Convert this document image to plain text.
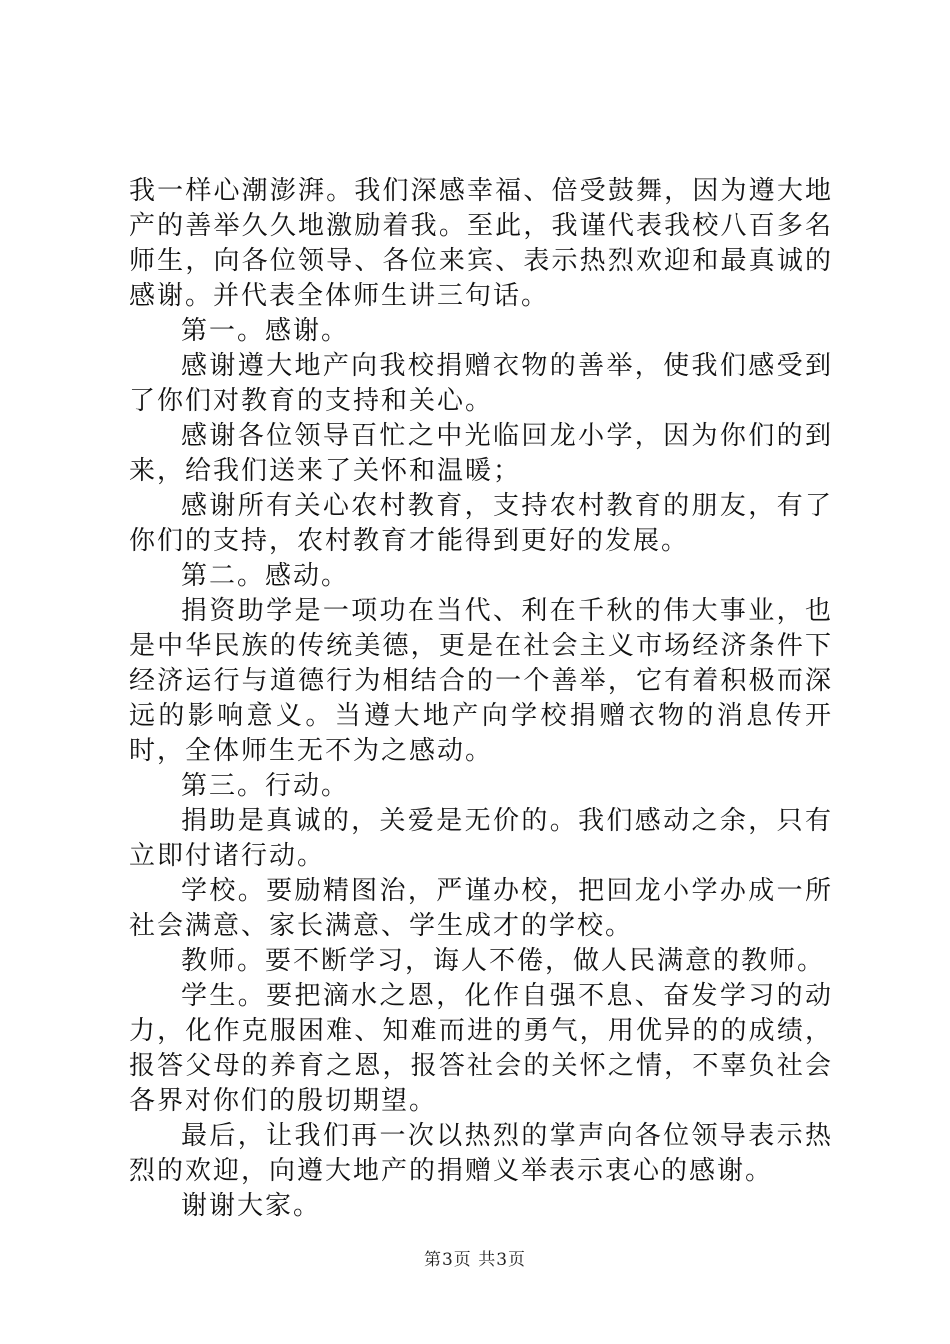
我一样心潮澎湃。我们深感幸福、倍受鼓舞，因为遵大地产的善举久久地激励着我。至此，我谨代表我校八百多名师生，向各位领导、各位来宾、表示热烈欢迎和最真诚的感谢。并代表全体师生讲三句话。

第一。感谢。

感谢遵大地产向我校捐赠衣物的善举，使我们感受到了你们对教育的支持和关心。

感谢各位领导百忙之中光临回龙小学，因为你们的到来，给我们送来了关怀和温暖；

感谢所有关心农村教育，支持农村教育的朋友，有了你们的支持，农村教育才能得到更好的发展。

第二。感动。

捐资助学是一项功在当代、利在千秋的伟大事业，也是中华民族的传统美德，更是在社会主义市场经济条件下经济运行与道德行为相结合的一个善举，它有着积极而深远的影响意义。当遵大地产向学校捐赠衣物的消息传开时，全体师生无不为之感动。

第三。行动。

捐助是真诚的，关爱是无价的。我们感动之余，只有立即付诸行动。

学校。要励精图治，严谨办校，把回龙小学办成一所社会满意、家长满意、学生成才的学校。

教师。要不断学习，诲人不倦，做人民满意的教师。

学生。要把滴水之恩，化作自强不息、奋发学习的动力，化作克服困难、知难而进的勇气，用优异的的成绩，报答父母的养育之恩，报答社会的关怀之情，不辜负社会各界对你们的殷切期望。

最后，让我们再一次以热烈的掌声向各位领导表示热烈的欢迎，向遵大地产的捐赠义举表示衷心的感谢。

谢谢大家。

第3页 共3页
